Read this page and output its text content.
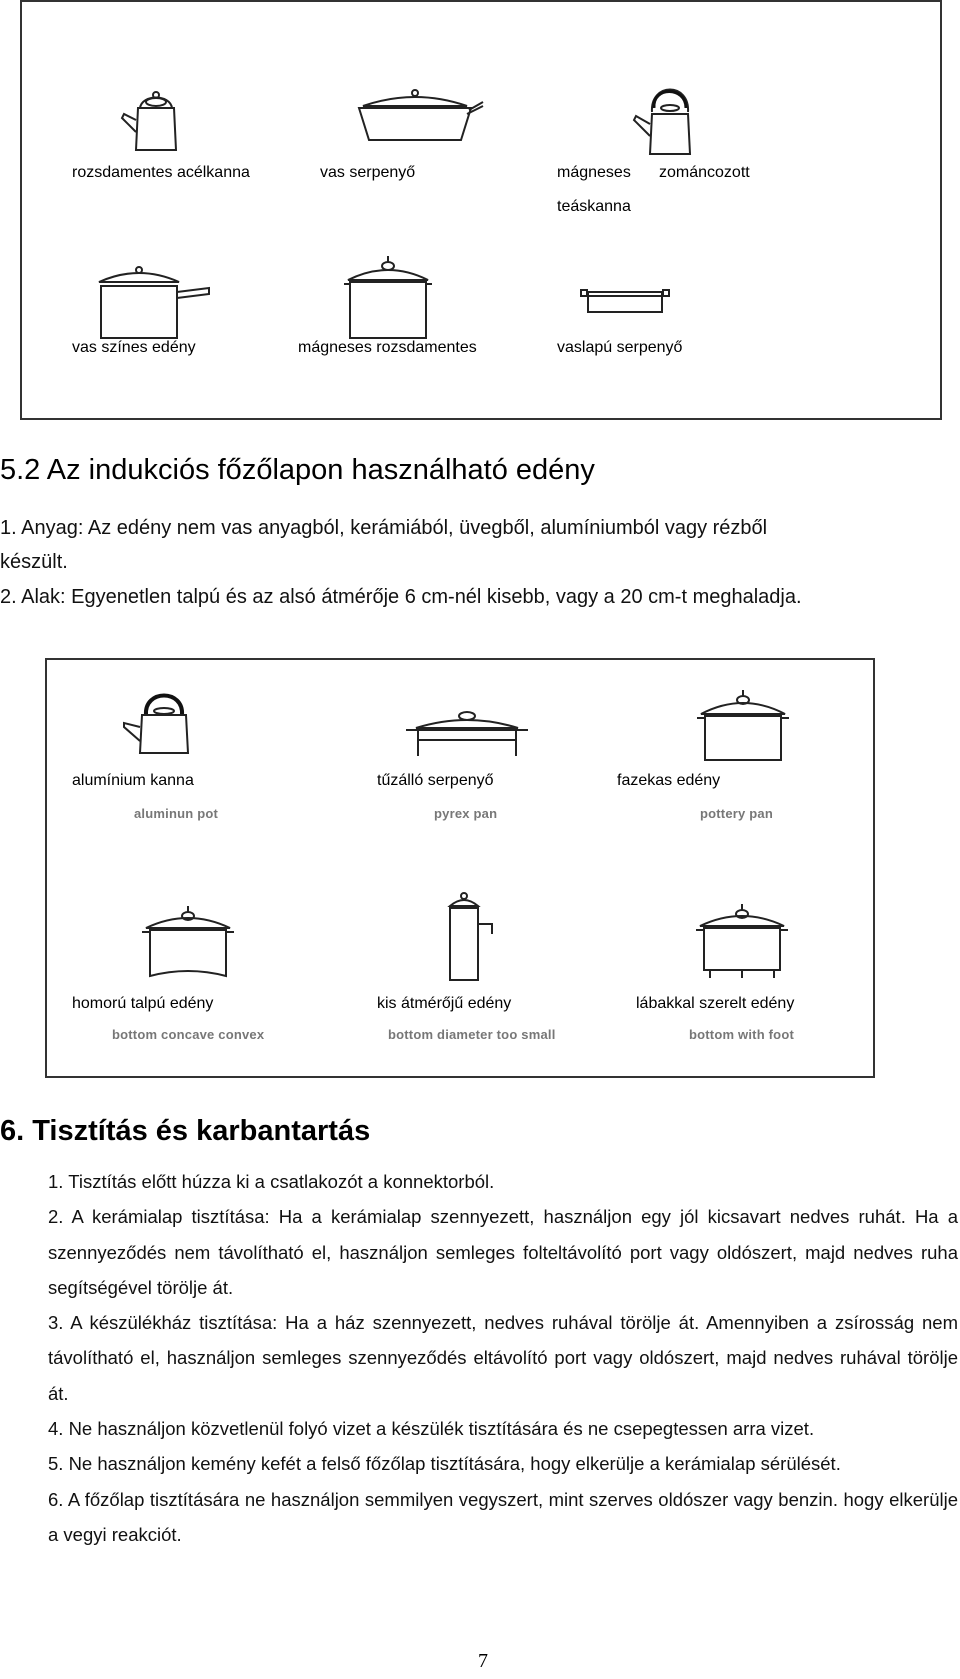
rozsdamentes acélkanna	vas serpenyő	mágneses zománcozott
teáskanna
vas színes edény	mágneses rozsdamentes	vaslapú serpenyő
5.2 Az indukciós főzőlapon használható edény
1. Anyag: Az edény nem vas anyagból, kerámiából, üvegből, alumíniumból vagy rézből
készült.
2. Alak: Egyenetlen talpú és az alsó átmérője 6 cm-nél kisebb, vagy a 20 cm-t meghaladja.
alumínium kanna	tűzálló serpenyő	fazekas edény
aluminun pot	pyrex pan	pottery pan
homorú talpú edény	kis átmérőjű edény	lábakkal szerelt edény
bottom concave convex	bottom diameter too small	bottom with foot
6. Tisztítás és karbantartás

1. Tisztítás előtt húzza ki a csatlakozót a konnektorból.

2. A kerámialap tisztítása: Ha a kerámialap szennyezett, használjon egy jól kicsavart nedves ruhát. Ha a szennyeződés nem távolítható el, használjon semleges folteltávolító port vagy oldószert, majd nedves ruha segítségével törölje át.

3. A készülékház tisztítása: Ha a ház szennyezett, nedves ruhával törölje át. Amennyiben a zsírosság nem távolítható el, használjon semleges szennyeződés eltávolító port vagy oldószert, majd nedves ruhával törölje át.

4. Ne használjon közvetlenül folyó vizet a készülék tisztítására és ne csepegtessen arra vizet.

5. Ne használjon kemény kefét a felső főzőlap tisztítására, hogy elkerülje a kerámialap sérülését.

6. A főzőlap tisztítására ne használjon semmilyen vegyszert, mint szerves oldószer vagy benzin. hogy elkerülje a vegyi reakciót.

7
